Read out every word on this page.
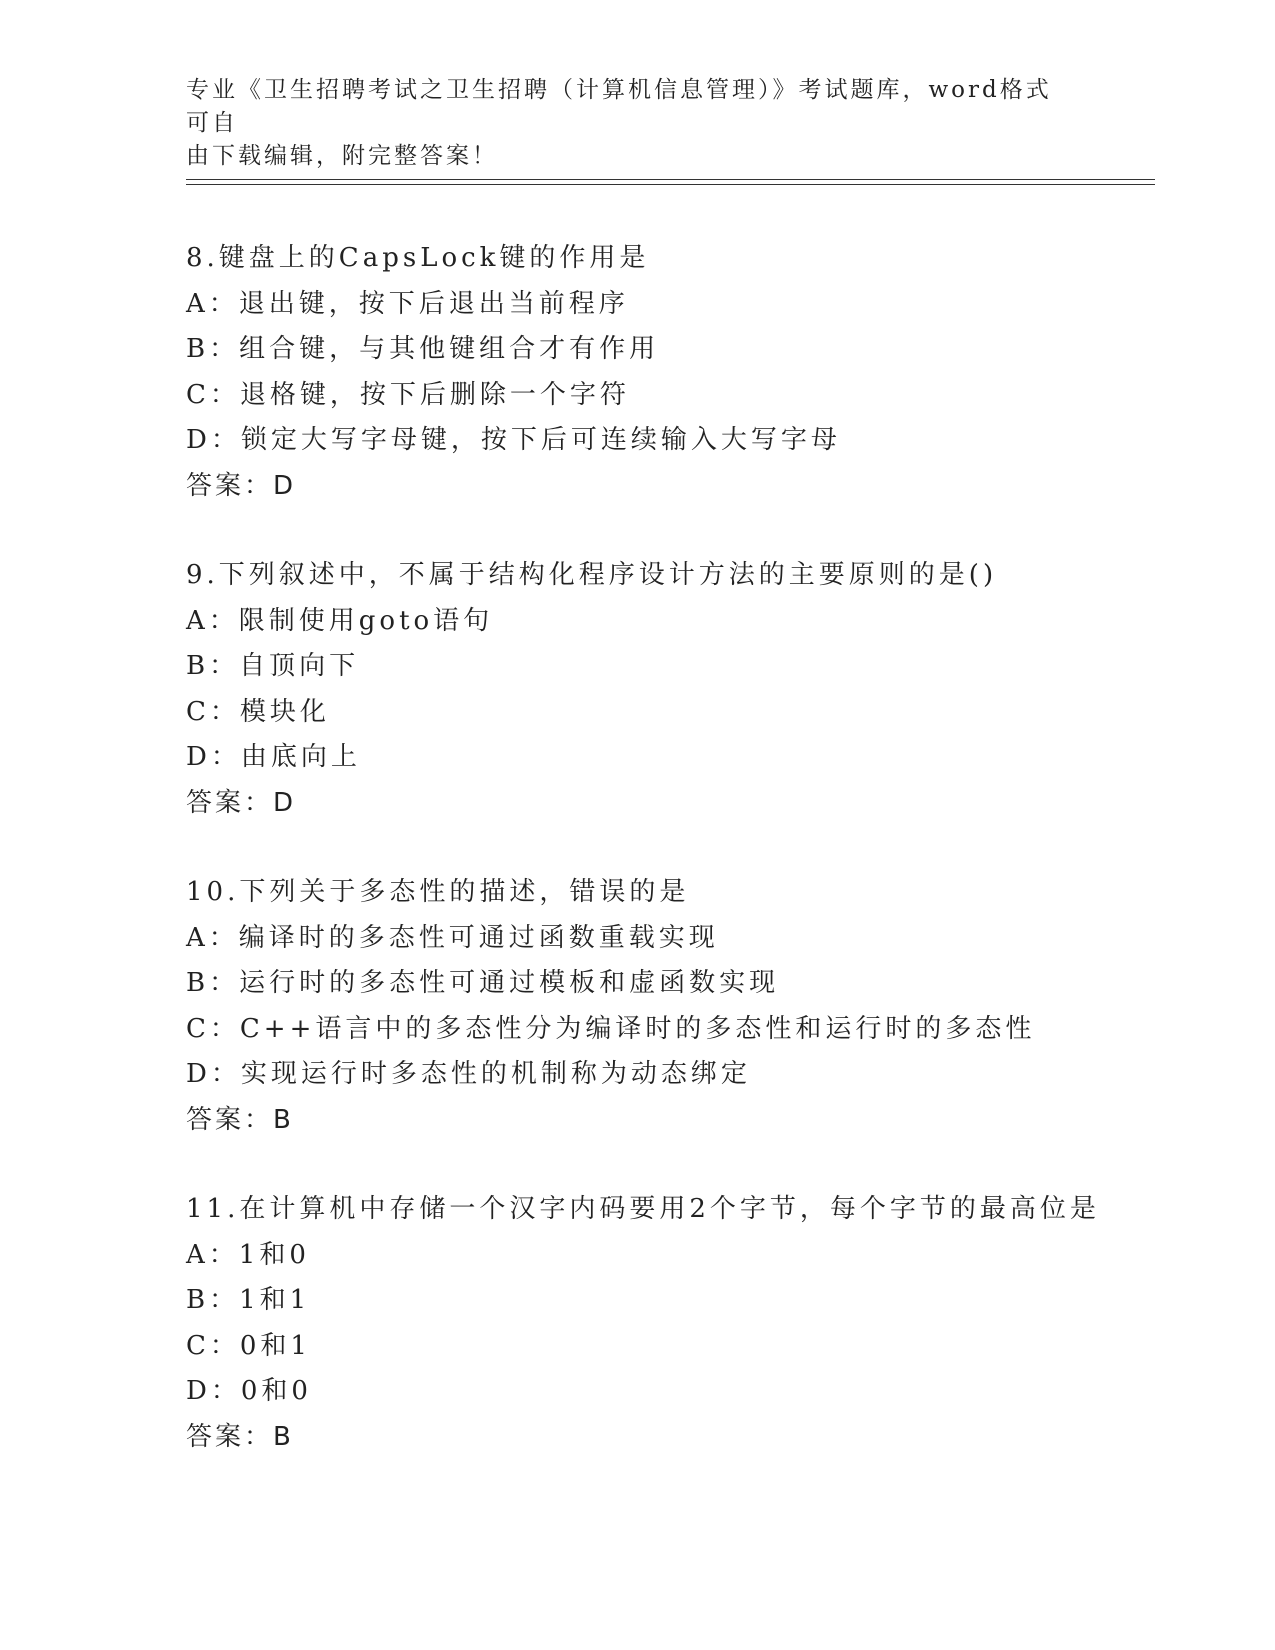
专业《卫生招聘考试之卫生招聘（计算机信息管理）》考试题库，word格式可自
由下载编辑，附完整答案！
8.键盘上的CapsLock键的作用是
A：退出键，按下后退出当前程序
B：组合键，与其他键组合才有作用
C：退格键，按下后删除一个字符
D：锁定大写字母键，按下后可连续输入大写字母
答案：D
9.下列叙述中，不属于结构化程序设计方法的主要原则的是()
A：限制使用goto语句
B：自顶向下
C：模块化
D：由底向上
答案：D
10.下列关于多态性的描述，错误的是
A：编译时的多态性可通过函数重载实现
B：运行时的多态性可通过模板和虚函数实现
C：C++语言中的多态性分为编译时的多态性和运行时的多态性
D：实现运行时多态性的机制称为动态绑定
答案：B
11.在计算机中存储一个汉字内码要用2个字节，每个字节的最高位是
A：1和0
B：1和1
C：0和1
D：0和0
答案：B
